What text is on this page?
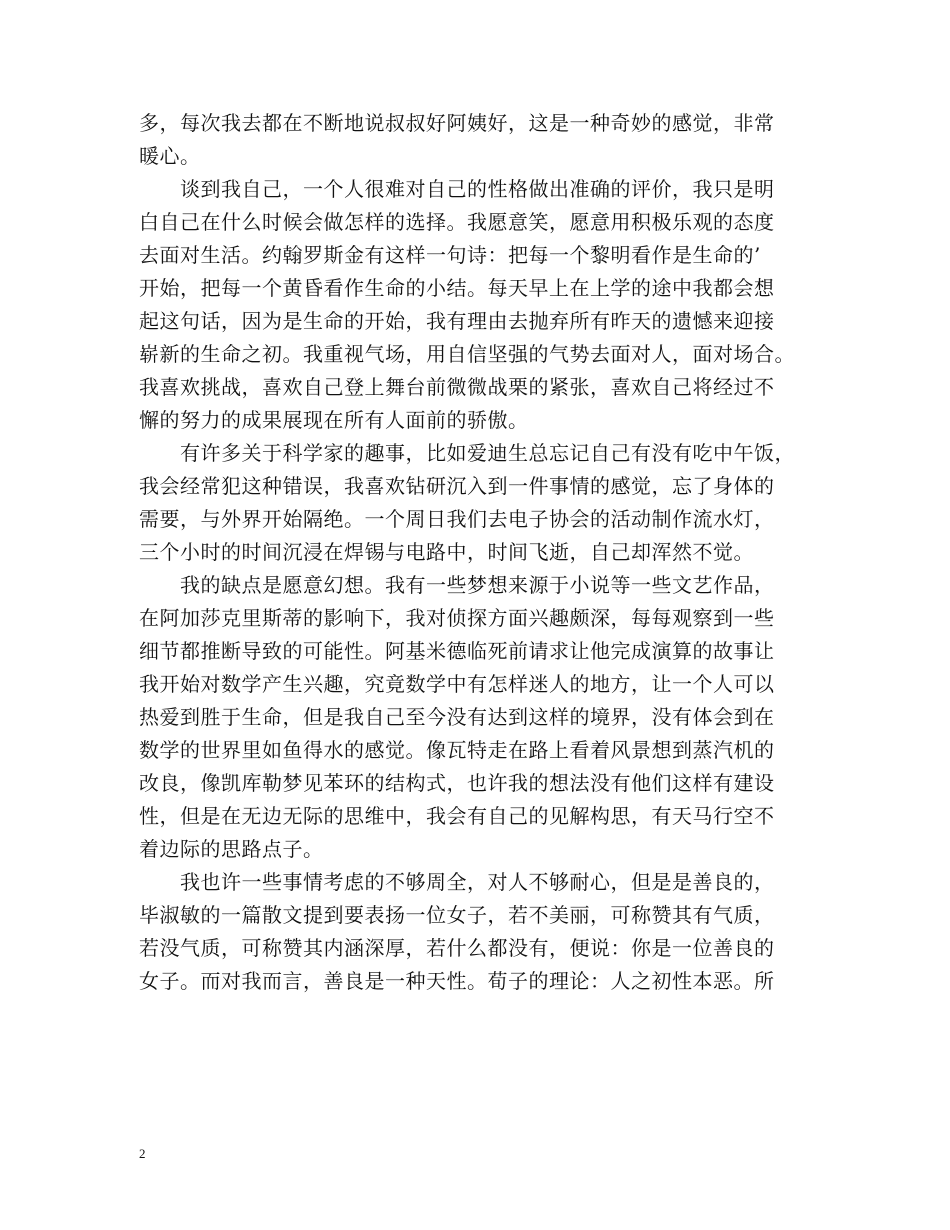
多，每次我去都在不断地说叔叔好阿姨好，这是一种奇妙的感觉，非常
暖心。
　　谈到我自己，一个人很难对自己的性格做出准确的评价，我只是明
白自己在什么时候会做怎样的选择。我愿意笑，愿意用积极乐观的态度
去面对生活。约翰罗斯金有这样一句诗：把每一个黎明看作是生命的’
开始，把每一个黄昏看作生命的小结。每天早上在上学的途中我都会想
起这句话，因为是生命的开始，我有理由去抛弃所有昨天的遗憾来迎接
崭新的生命之初。我重视气场，用自信坚强的气势去面对人，面对场合。
我喜欢挑战，喜欢自己登上舞台前微微战栗的紧张，喜欢自己将经过不
懈的努力的成果展现在所有人面前的骄傲。
　　有许多关于科学家的趣事，比如爱迪生总忘记自己有没有吃中午饭，
我会经常犯这种错误，我喜欢钻研沉入到一件事情的感觉，忘了身体的
需要，与外界开始隔绝。一个周日我们去电子协会的活动制作流水灯，
三个小时的时间沉浸在焊锡与电路中，时间飞逝，自己却浑然不觉。
　　我的缺点是愿意幻想。我有一些梦想来源于小说等一些文艺作品，
在阿加莎克里斯蒂的影响下，我对侦探方面兴趣颇深，每每观察到一些
细节都推断导致的可能性。阿基米德临死前请求让他完成演算的故事让
我开始对数学产生兴趣，究竟数学中有怎样迷人的地方，让一个人可以
热爱到胜于生命，但是我自己至今没有达到这样的境界，没有体会到在
数学的世界里如鱼得水的感觉。像瓦特走在路上看着风景想到蒸汽机的
改良，像凯库勒梦见苯环的结构式，也许我的想法没有他们这样有建设
性，但是在无边无际的思维中，我会有自己的见解构思，有天马行空不
着边际的思路点子。
　　我也许一些事情考虑的不够周全，对人不够耐心，但是是善良的，
毕淑敏的一篇散文提到要表扬一位女子，若不美丽，可称赞其有气质，
若没气质，可称赞其内涵深厚，若什么都没有，便说：你是一位善良的
女子。而对我而言，善良是一种天性。荀子的理论：人之初性本恶。所
2
